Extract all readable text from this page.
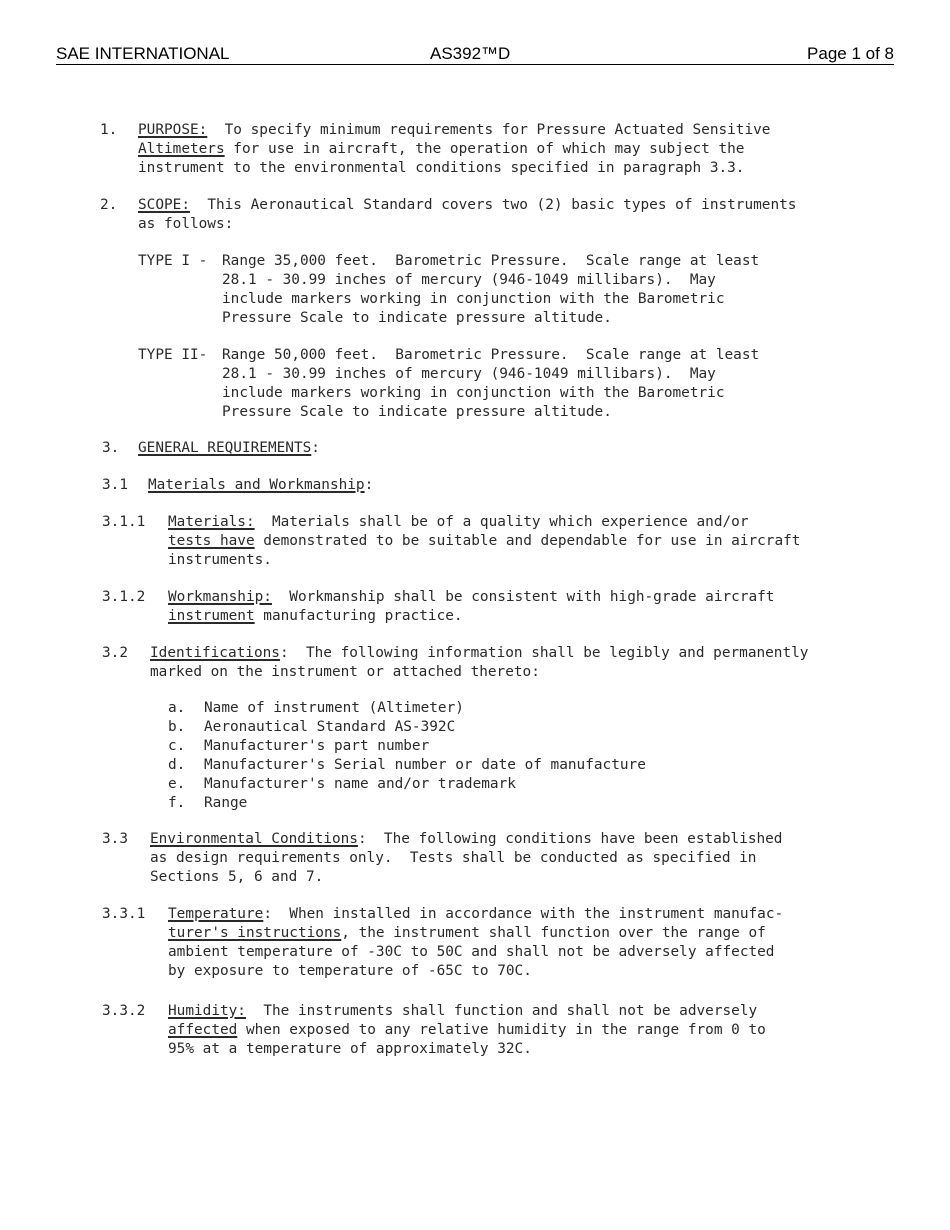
SAE INTERNATIONAL	AS392™D	Page 1 of 8
1. PURPOSE: To specify minimum requirements for Pressure Actuated Sensitive
Altimeters for use in aircraft, the operation of which may subject the
instrument to the environmental conditions specified in paragraph 3.3.
2. SCOPE: This Aeronautical Standard covers two (2) basic types of instruments
as follows:
TYPE I - Range 35,000 feet.  Barometric Pressure.  Scale range at least
28.1 - 30.99 inches of mercury (946-1049 millibars).  May
include markers working in conjunction with the Barometric
Pressure Scale to indicate pressure altitude.
TYPE II- Range 50,000 feet.  Barometric Pressure.  Scale range at least
28.1 - 30.99 inches of mercury (946-1049 millibars).  May
include markers working in conjunction with the Barometric
Pressure Scale to indicate pressure altitude.
3. GENERAL REQUIREMENTS:
3.1 Materials and Workmanship:
3.1.1 Materials: Materials shall be of a quality which experience and/or
tests have demonstrated to be suitable and dependable for use in aircraft
instruments.
3.1.2 Workmanship: Workmanship shall be consistent with high-grade aircraft
instrument manufacturing practice.
3.2 Identifications:  The following information shall be legibly and permanently
marked on the instrument or attached thereto:
a. Name of instrument (Altimeter)
b. Aeronautical Standard AS-392C
c. Manufacturer's part number
d. Manufacturer's Serial number or date of manufacture
e. Manufacturer's name and/or trademark
f. Range
3.3 Environmental Conditions:  The following conditions have been established
as design requirements only.  Tests shall be conducted as specified in
Sections 5, 6 and 7.
3.3.1 Temperature:  When installed in accordance with the instrument manufac-
turer's instructions, the instrument shall function over the range of
ambient temperature of -30C to 50C and shall not be adversely affected
by exposure to temperature of -65C to 70C.
3.3.2 Humidity: The instruments shall function and shall not be adversely
affected when exposed to any relative humidity in the range from 0 to
95% at a temperature of approximately 32C.
